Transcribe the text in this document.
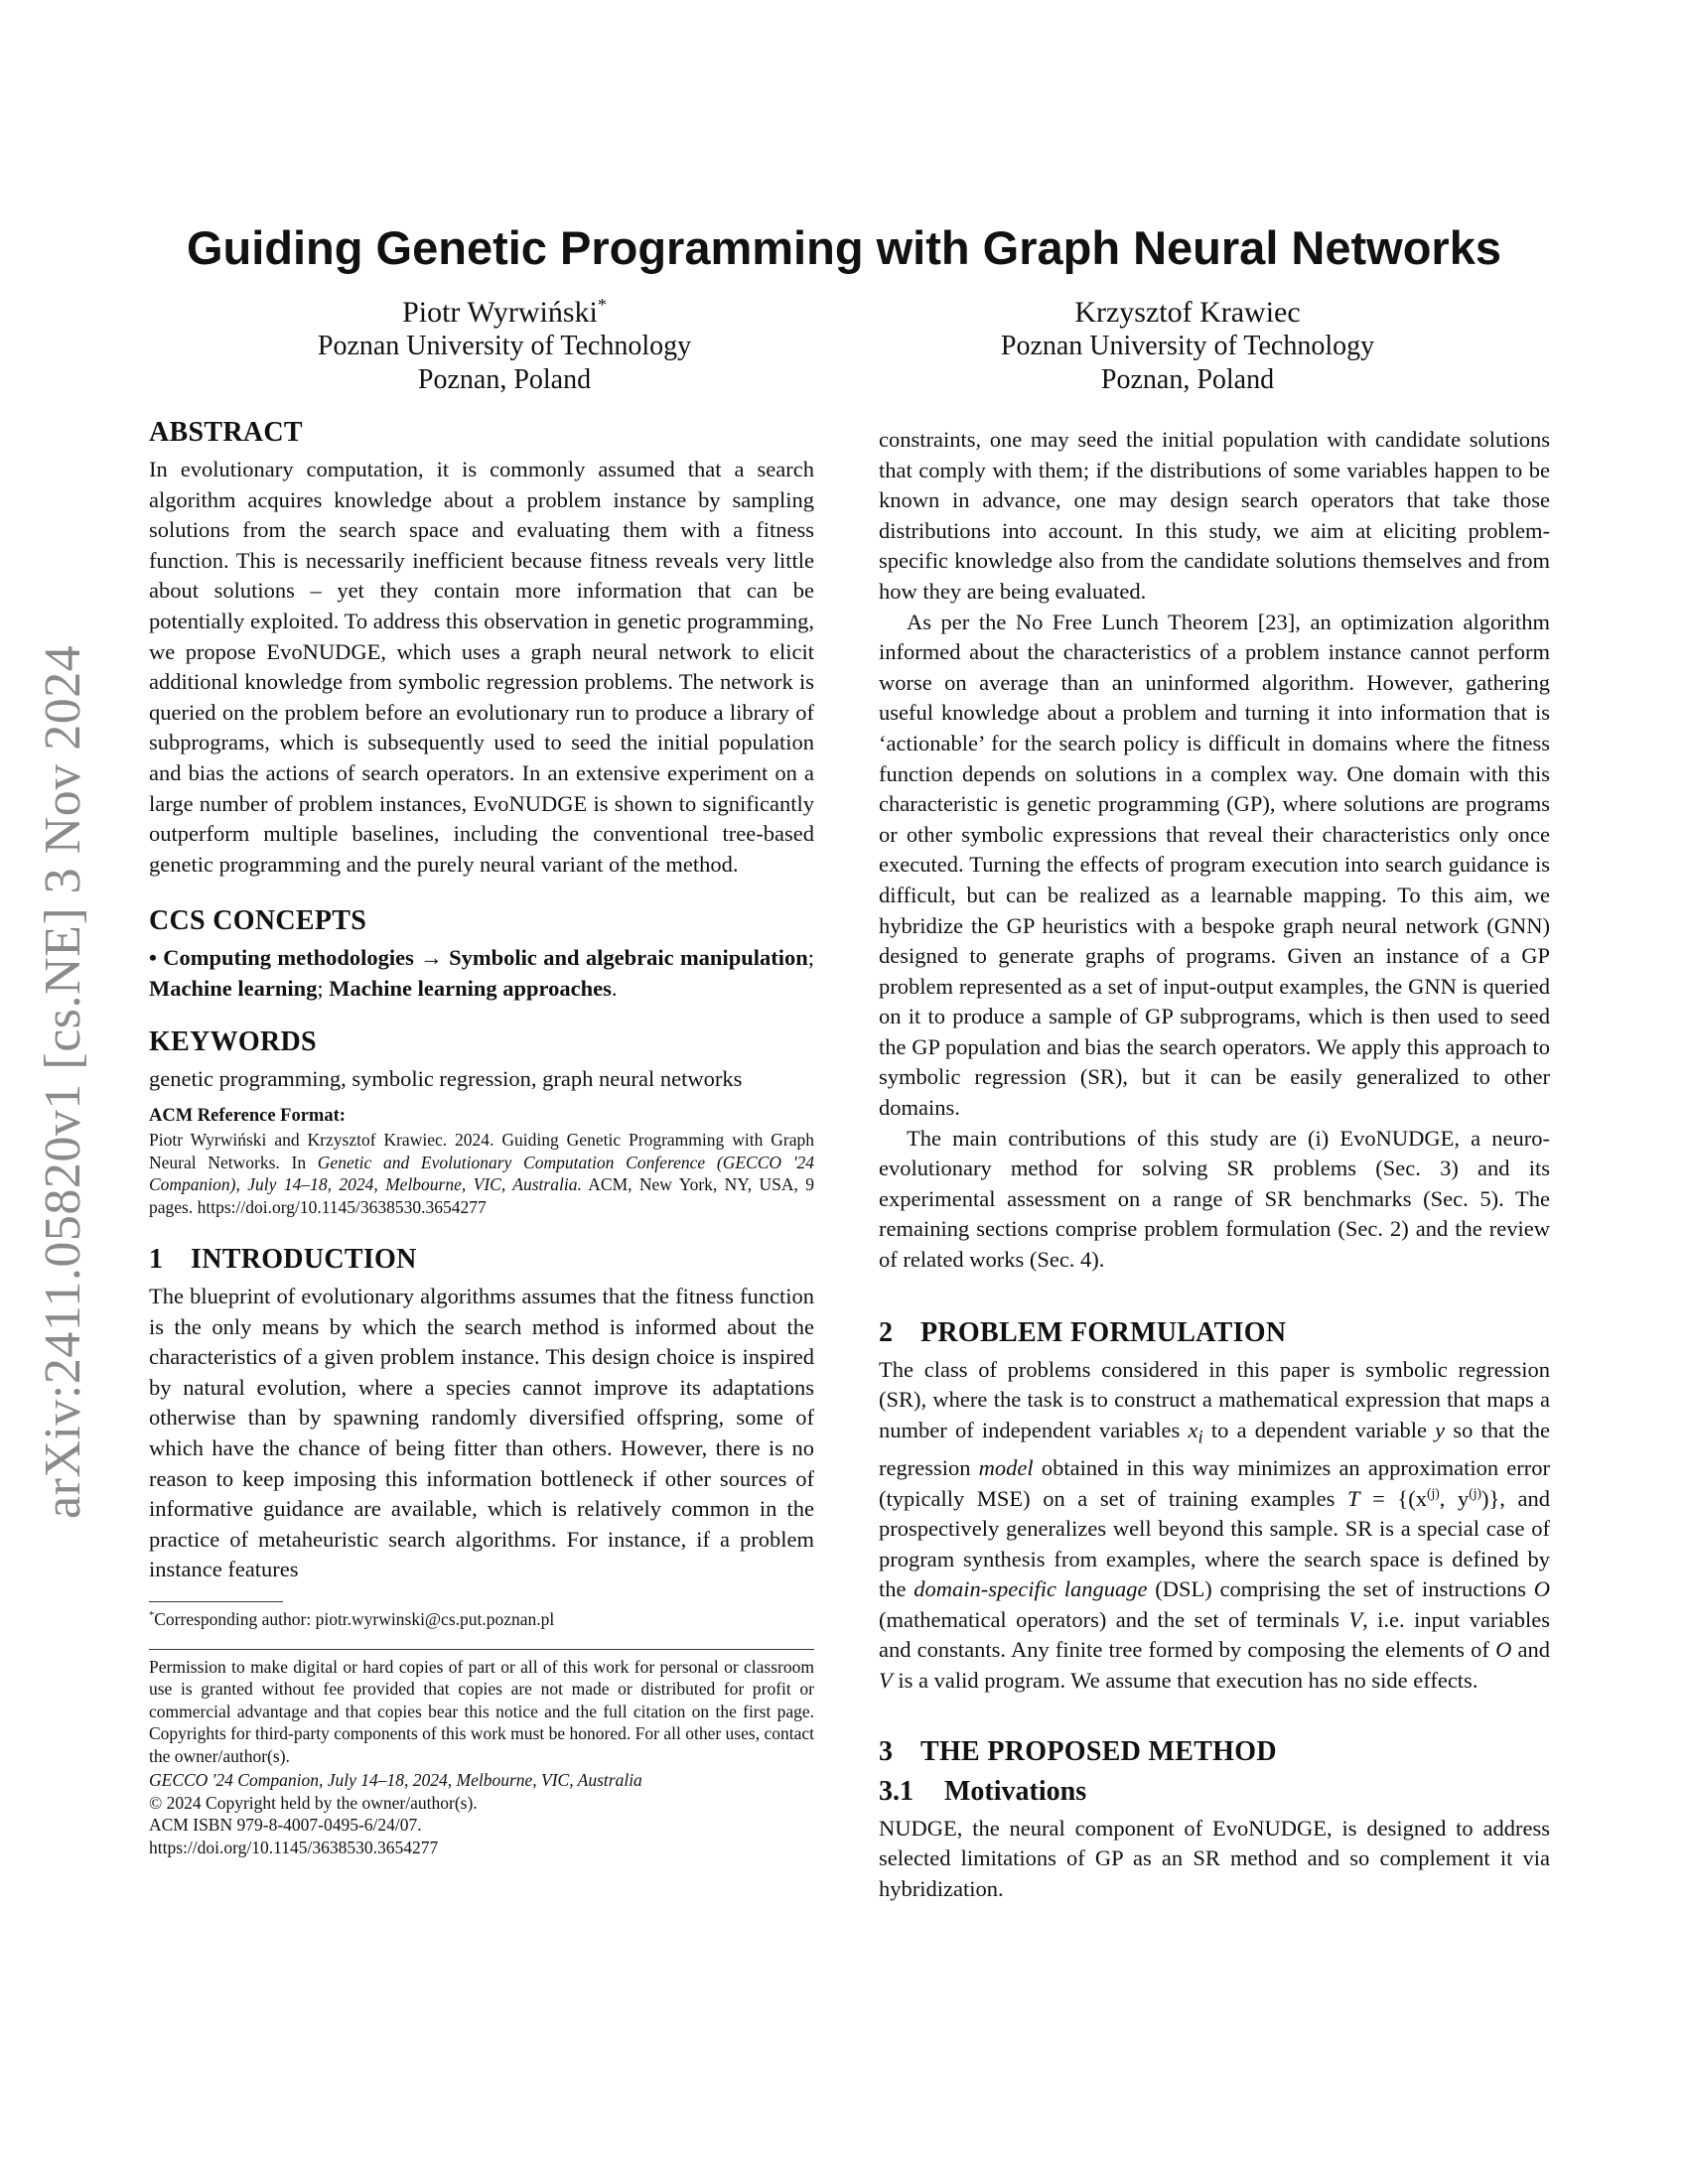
arXiv:2411.05820v1 [cs.NE] 3 Nov 2024
Guiding Genetic Programming with Graph Neural Networks
Piotr Wyrwiński*
Poznan University of Technology
Poznan, Poland
Krzysztof Krawiec
Poznan University of Technology
Poznan, Poland
ABSTRACT

In evolutionary computation, it is commonly assumed that a search algorithm acquires knowledge about a problem instance by sampling solutions from the search space and evaluating them with a fitness function. This is necessarily inefficient because fitness reveals very little about solutions – yet they contain more information that can be potentially exploited. To address this observation in genetic programming, we propose EvoNUDGE, which uses a graph neural network to elicit additional knowledge from symbolic regression problems. The network is queried on the problem before an evolutionary run to produce a library of subprograms, which is subsequently used to seed the initial population and bias the actions of search operators. In an extensive experiment on a large number of problem instances, EvoNUDGE is shown to significantly outperform multiple baselines, including the conventional tree-based genetic programming and the purely neural variant of the method.

CCS CONCEPTS

• Computing methodologies → Symbolic and algebraic manipulation; Machine learning; Machine learning approaches.

KEYWORDS

genetic programming, symbolic regression, graph neural networks

ACM Reference Format:

Piotr Wyrwiński and Krzysztof Krawiec. 2024. Guiding Genetic Programming with Graph Neural Networks. In Genetic and Evolutionary Computation Conference (GECCO '24 Companion), July 14–18, 2024, Melbourne, VIC, Australia. ACM, New York, NY, USA, 9 pages. https://doi.org/10.1145/3638530.3654277

1 INTRODUCTION

The blueprint of evolutionary algorithms assumes that the fitness function is the only means by which the search method is informed about the characteristics of a given problem instance. This design choice is inspired by natural evolution, where a species cannot improve its adaptations otherwise than by spawning randomly diversified offspring, some of which have the chance of being fitter than others. However, there is no reason to keep imposing this information bottleneck if other sources of informative guidance are available, which is relatively common in the practice of metaheuristic search algorithms. For instance, if a problem instance features

*Corresponding author: piotr.wyrwinski@cs.put.poznan.pl

Permission to make digital or hard copies of part or all of this work for personal or classroom use is granted without fee provided that copies are not made or distributed for profit or commercial advantage and that copies bear this notice and the full citation on the first page. Copyrights for third-party components of this work must be honored. For all other uses, contact the owner/author(s).

GECCO '24 Companion, July 14–18, 2024, Melbourne, VIC, Australia
© 2024 Copyright held by the owner/author(s).
ACM ISBN 979-8-4007-0495-6/24/07.
https://doi.org/10.1145/3638530.3654277

constraints, one may seed the initial population with candidate solutions that comply with them; if the distributions of some variables happen to be known in advance, one may design search operators that take those distributions into account. In this study, we aim at eliciting problem-specific knowledge also from the candidate solutions themselves and from how they are being evaluated.

As per the No Free Lunch Theorem [23], an optimization algorithm informed about the characteristics of a problem instance cannot perform worse on average than an uninformed algorithm. However, gathering useful knowledge about a problem and turning it into information that is ‘actionable’ for the search policy is difficult in domains where the fitness function depends on solutions in a complex way. One domain with this characteristic is genetic programming (GP), where solutions are programs or other symbolic expressions that reveal their characteristics only once executed. Turning the effects of program execution into search guidance is difficult, but can be realized as a learnable mapping. To this aim, we hybridize the GP heuristics with a bespoke graph neural network (GNN) designed to generate graphs of programs. Given an instance of a GP problem represented as a set of input-output examples, the GNN is queried on it to produce a sample of GP subprograms, which is then used to seed the GP population and bias the search operators. We apply this approach to symbolic regression (SR), but it can be easily generalized to other domains.

The main contributions of this study are (i) EvoNUDGE, a neuro-evolutionary method for solving SR problems (Sec. 3) and its experimental assessment on a range of SR benchmarks (Sec. 5). The remaining sections comprise problem formulation (Sec. 2) and the review of related works (Sec. 4).

2 PROBLEM FORMULATION

The class of problems considered in this paper is symbolic regression (SR), where the task is to construct a mathematical expression that maps a number of independent variables $x_i$ to a dependent variable y so that the regression model obtained in this way minimizes an approximation error (typically MSE) on a set of training examples $T = \{(x^{(j)}$, $y^{(j)}$)}, and prospectively generalizes well beyond this sample. SR is a special case of program synthesis from examples, where the search space is defined by the domain-specific language (DSL) comprising the set of instructions O (mathematical operators) and the set of terminals V, i.e. input variables and constants. Any finite tree formed by composing the elements of O and V is a valid program. We assume that execution has no side effects.

3 THE PROPOSED METHOD
3.1 Motivations

NUDGE, the neural component of EvoNUDGE, is designed to address selected limitations of GP as an SR method and so complement it via hybridization.
